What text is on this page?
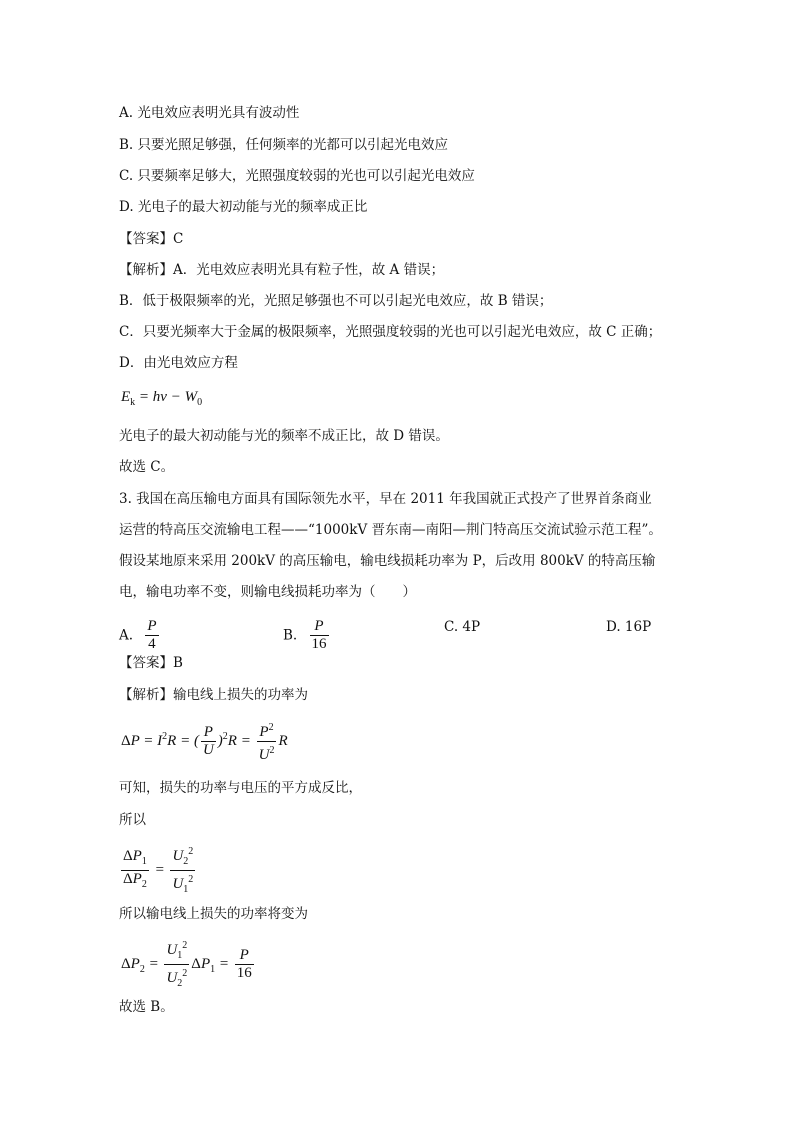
A. 光电效应表明光具有波动性
B. 只要光照足够强，任何频率的光都可以引起光电效应
C. 只要频率足够大，光照强度较弱的光也可以引起光电效应
D. 光电子的最大初动能与光的频率成正比
【答案】C
【解析】A．光电效应表明光具有粒子性，故 A 错误；
B．低于极限频率的光，光照足够强也不可以引起光电效应，故 B 错误；
C．只要光频率大于金属的极限频率，光照强度较弱的光也可以引起光电效应，故 C 正确；
D．由光电效应方程
$E_k = h\nu - W_0$
光电子的最大初动能与光的频率不成正比，故 D 错误。
故选 C。
3. 我国在高压输电方面具有国际领先水平，早在 2011 年我国就正式投产了世界首条商业
运营的特高压交流输电工程——“1000kV 晋东南—南阳—荆门特高压交流试验示范工程”。
假设某地原来采用 200kV 的高压输电，输电线损耗功率为 P，后改用 800kV 的特高压输
电，输电功率不变，则输电线损耗功率为（　　）
A. $\frac{P}{4}$	B. $\frac{P}{16}$	C. 4P	D. 16P
【答案】B
【解析】输电线上损失的功率为
$\Delta P = I^2R$ = ( $\frac{P}{U} )^2R = \frac{P^2}{U^2}$ R
可知，损失的功率与电压的平方成反比，
所以
$\frac{\Delta P_1}{\Delta P_2} = \frac{U_2^2}{U_1^2}$
所以输电线上损失的功率将变为
$\Delta P_2 = \frac{U_1^2}{U_2^2} \Delta P_1 = \frac{P}{16}$
故选 B。
